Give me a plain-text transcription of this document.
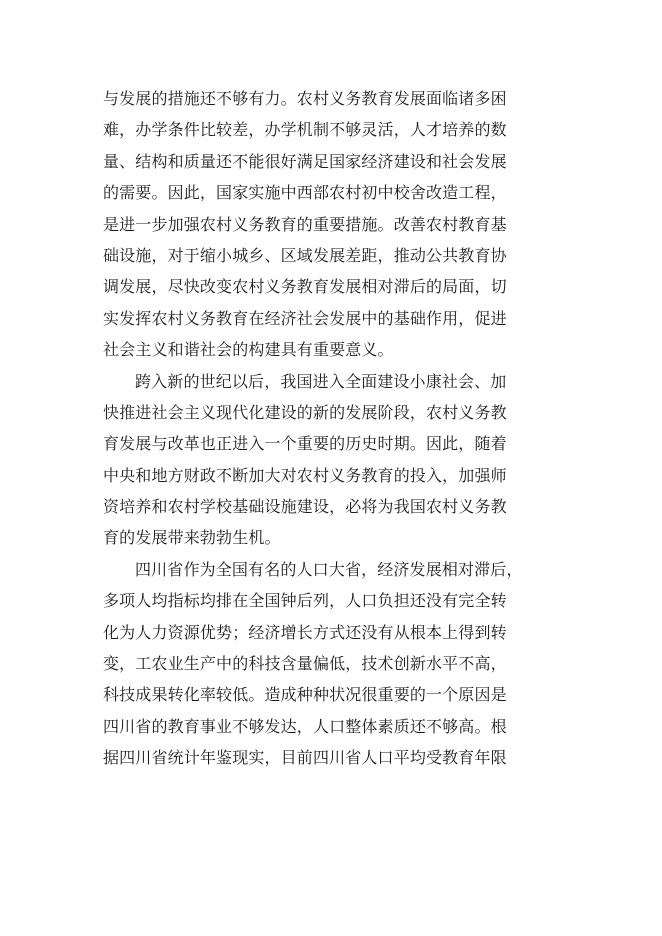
与发展的措施还不够有力。农村义务教育发展面临诸多困
难，办学条件比较差，办学机制不够灵活，人才培养的数
量、结构和质量还不能很好满足国家经济建设和社会发展
的需要。因此，国家实施中西部农村初中校舍改造工程，
是进一步加强农村义务教育的重要措施。改善农村教育基
础设施，对于缩小城乡、区域发展差距，推动公共教育协
调发展，尽快改变农村义务教育发展相对滞后的局面，切
实发挥农村义务教育在经济社会发展中的基础作用，促进
社会主义和谐社会的构建具有重要意义。
跨入新的世纪以后，我国进入全面建设小康社会、加
快推进社会主义现代化建设的新的发展阶段，农村义务教
育发展与改革也正进入一个重要的历史时期。因此，随着
中央和地方财政不断加大对农村义务教育的投入，加强师
资培养和农村学校基础设施建设，必将为我国农村义务教
育的发展带来勃勃生机。
四川省作为全国有名的人口大省，经济发展相对滞后，
多项人均指标均排在全国钟后列，人口负担还没有完全转
化为人力资源优势；经济增长方式还没有从根本上得到转
变，工农业生产中的科技含量偏低，技术创新水平不高，
科技成果转化率较低。造成种种状况很重要的一个原因是
四川省的教育事业不够发达，人口整体素质还不够高。根
据四川省统计年鉴现实，目前四川省人口平均受教育年限
